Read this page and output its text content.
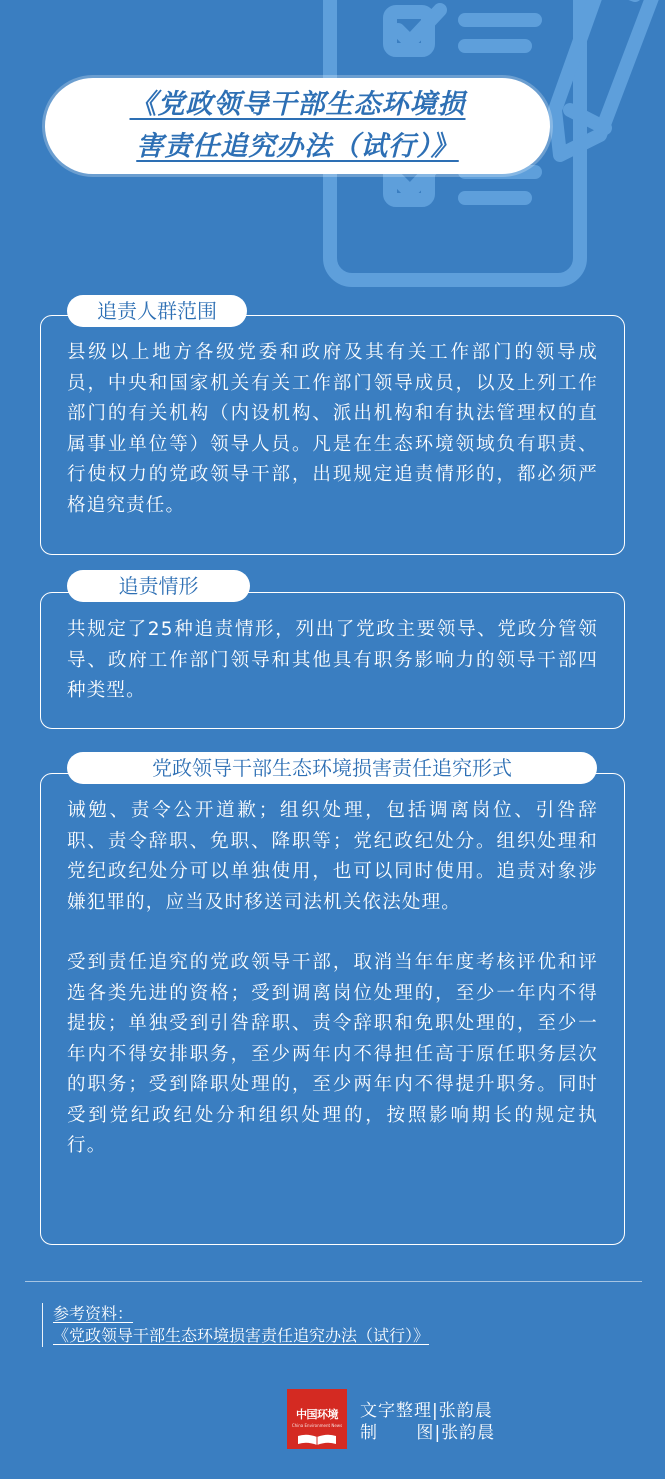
《党政领导干部生态环境损
害责任追究办法（试行）》

县级以上地方各级党委和政府及其有关工作部门的领导成员，中央和国家机关有关工作部门领导成员，以及上列工作部门的有关机构（内设机构、派出机构和有执法管理权的直属事业单位等）领导人员。凡是在生态环境领域负有职责、行使权力的党政领导干部，出现规定追责情形的，都必须严格追究责任。

追责人群范围

共规定了25种追责情形，列出了党政主要领导、党政分管领导、政府工作部门领导和其他具有职务影响力的领导干部四种类型。

追责情形

诫勉、责令公开道歉；组织处理，包括调离岗位、引咎辞职、责令辞职、免职、降职等；党纪政纪处分。组织处理和党纪政纪处分可以单独使用，也可以同时使用。追责对象涉嫌犯罪的，应当及时移送司法机关依法处理。

受到责任追究的党政领导干部，取消当年年度考核评优和评选各类先进的资格；受到调离岗位处理的，至少一年内不得提拔；单独受到引咎辞职、责令辞职和免职处理的，至少一年内不得安排职务，至少两年内不得担任高于原任职务层次的职务；受到降职处理的，至少两年内不得提升职务。同时受到党纪政纪处分和组织处理的，按照影响期长的规定执行。

党政领导干部生态环境损害责任追究形式
参考资料：
《党政领导干部生态环境损害责任追究办法（试行）》
中国环境
China Environment News
文字整理 | 张韵晨
制      图 | 张韵晨
